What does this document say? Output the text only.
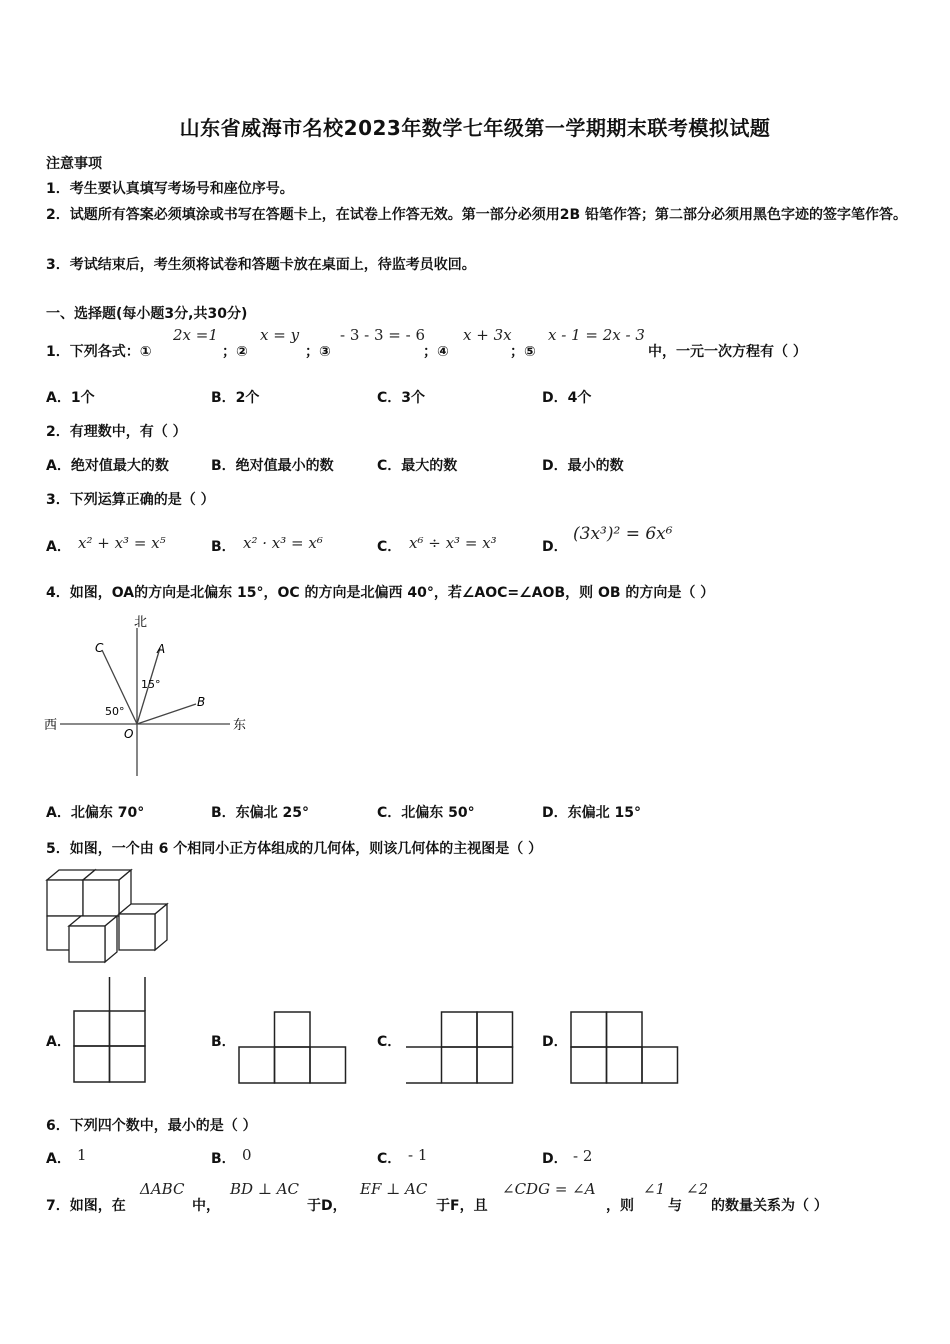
山东省威海市名校2023年数学七年级第一学期期末联考模拟试题
注意事项
1．考生要认真填写考场号和座位序号。
2．试题所有答案必须填涂或书写在答题卡上，在试卷上作答无效。第一部分必须用2B 铅笔作答；第二部分必须用黑色字迹的签字笔作答。
3．考试结束后，考生须将试卷和答题卡放在桌面上，待监考员收回。
一、选择题(每小题3分,共30分)
1．下列各式：①
2x =1
；②
x = y
；③
- 3 - 3 = - 6
；④
x + 3x
；⑤
x - 1 = 2x - 3
中，一元一次方程有（ ）
A．1个	B．2个	C．3个	D．4个
2．有理数中，有（ ）
A．绝对值最大的数	B．绝对值最小的数	C．最大的数	D．最小的数
3．下列运算正确的是（ ）
A． x² + x³ = x⁵	B． x² · x³ = x⁶	C． x⁶ ÷ x³ = x³	D．
(3x³)² = 6x⁶
4．如图，OA的方向是北偏东 15°，OC 的方向是北偏西 40°，若∠AOC=∠AOB，则 OB 的方向是（ ）
北
西	东
O
A
B
C
15°
50°
A．北偏东 70°	B．东偏北 25°	C．北偏东 50°	D．东偏北 15°
5．如图，一个由 6 个相同小正方体组成的几何体，则该几何体的主视图是（ ）
A．	B．	C．	D．
6．下列四个数中，最小的是（ ）
A． 1	B． 0	C． - 1	D． - 2
7．如图，在
ΔABC
中，
BD ⊥ AC
于D，
EF ⊥ AC
于F，且
∠CDG = ∠A
，则
∠1
与
∠2
的数量关系为（ ）
